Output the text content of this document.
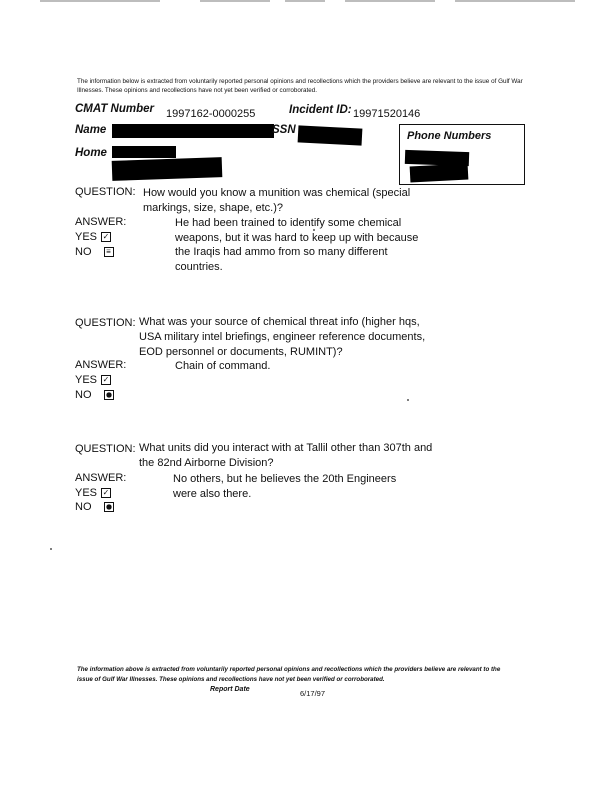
The information below is extracted from voluntarily reported personal opinions and recollections which the providers believe are relevant to the issue of Gulf War Illnesses. These opinions and recollections have not yet been verified or corroborated.
CMAT Number 1997162-0000255	Incident ID: 19971520146
Name	SSN
Home
Phone Numbers
QUESTION: How would you know a munition was chemical (special markings, size, shape, etc.)?
ANSWER:	He had been trained to identify some chemical weapons, but it was hard to keep up with because the Iraqis had ammo from so many different countries.
YES ✓
NO ≡
QUESTION: What was your source of chemical threat info (higher hqs, USA military intel briefings, engineer reference documents, EOD personnel or documents, RUMINT)?
ANSWER:	Chain of command.
YES ✓
NO
QUESTION: What units did you interact with at Tallil other than 307th and the 82nd Airborne Division?
ANSWER:	No others, but he believes the 20th Engineers were also there.
YES ✓
NO
The information above is extracted from voluntarily reported personal opinions and recollections which the providers believe are relevant to the issue of Gulf War Illnesses. These opinions and recollections have not yet been verified or corroborated.
Report Date	6/17/97
